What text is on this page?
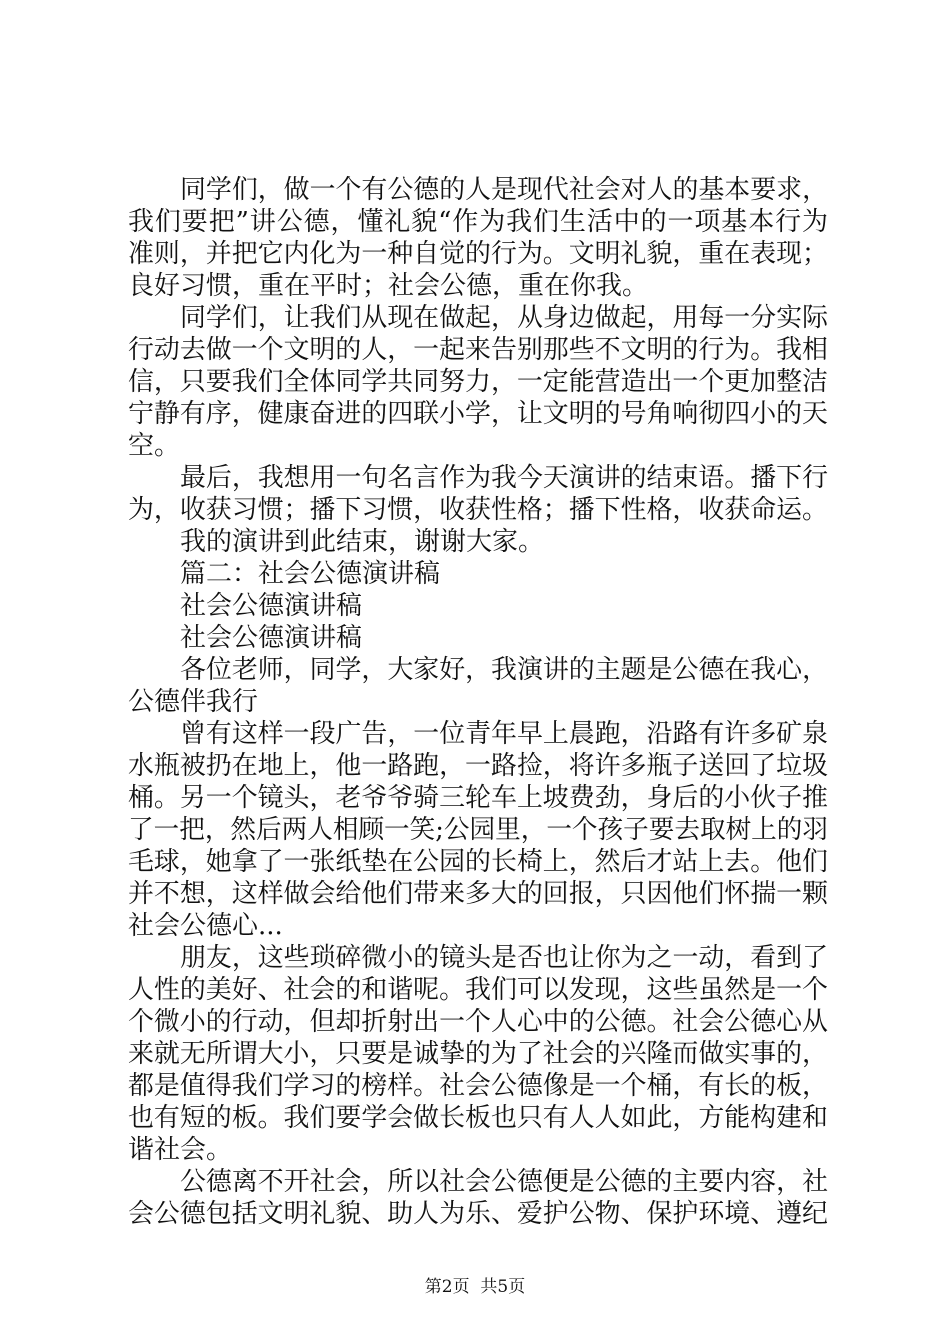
同学们，做一个有公德的人是现代社会对人的基本要求，
我们要把”讲公德，懂礼貌“作为我们生活中的一项基本行为
准则，并把它内化为一种自觉的行为。文明礼貌，重在表现；
良好习惯，重在平时；社会公德，重在你我。
同学们，让我们从现在做起，从身边做起，用每一分实际
行动去做一个文明的人，一起来告别那些不文明的行为。我相
信，只要我们全体同学共同努力，一定能营造出一个更加整洁
宁静有序，健康奋进的四联小学，让文明的号角响彻四小的天
空。
最后，我想用一句名言作为我今天演讲的结束语。播下行
为，收获习惯；播下习惯，收获性格；播下性格，收获命运。
我的演讲到此结束，谢谢大家。
篇二：社会公德演讲稿
社会公德演讲稿
社会公德演讲稿
各位老师，同学，大家好，我演讲的主题是公德在我心，
公德伴我行
曾有这样一段广告，一位青年早上晨跑，沿路有许多矿泉
水瓶被扔在地上，他一路跑，一路捡，将许多瓶子送回了垃圾
桶。另一个镜头，老爷爷骑三轮车上坡费劲，身后的小伙子推
了一把，然后两人相顾一笑;公园里，一个孩子要去取树上的羽
毛球，她拿了一张纸垫在公园的长椅上，然后才站上去。他们
并不想，这样做会给他们带来多大的回报，只因他们怀揣一颗
社会公德心...
朋友，这些琐碎微小的镜头是否也让你为之一动，看到了
人性的美好、社会的和谐呢。我们可以发现，这些虽然是一个
个微小的行动，但却折射出一个人心中的公德。社会公德心从
来就无所谓大小，只要是诚挚的为了社会的兴隆而做实事的，
都是值得我们学习的榜样。社会公德像是一个桶，有长的板，
也有短的板。我们要学会做长板也只有人人如此，方能构建和
谐社会。
公德离不开社会，所以社会公德便是公德的主要内容，社
会公德包括文明礼貌、助人为乐、爱护公物、保护环境、遵纪
第2页  共5页
